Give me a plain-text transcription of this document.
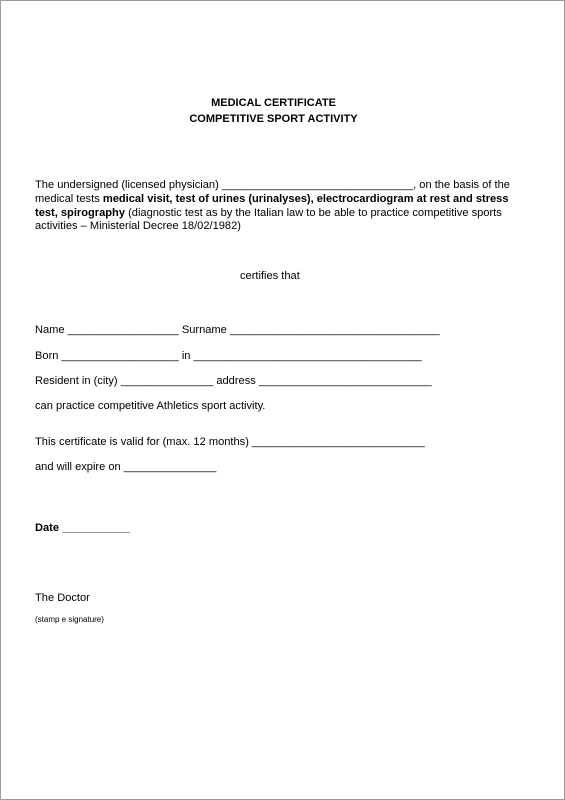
MEDICAL CERTIFICATE
COMPETITIVE SPORT ACTIVITY
The undersigned (licensed physician) _______________________________, on the basis of the medical tests medical visit, test of urines (urinalyses), electrocardiogram at rest and stress test, spirography (diagnostic test as by the Italian law to be able to practice competitive sports activities – Ministerial Decree 18/02/1982)
certifies that
Name __________________ Surname __________________________________
Born ___________________ in _____________________________________
Resident in (city) _______________ address ____________________________
can practice competitive Athletics sport activity.
This certificate is valid for (max. 12 months) ____________________________
and will expire on _______________
Date ___________
The Doctor
(stamp e signature)
